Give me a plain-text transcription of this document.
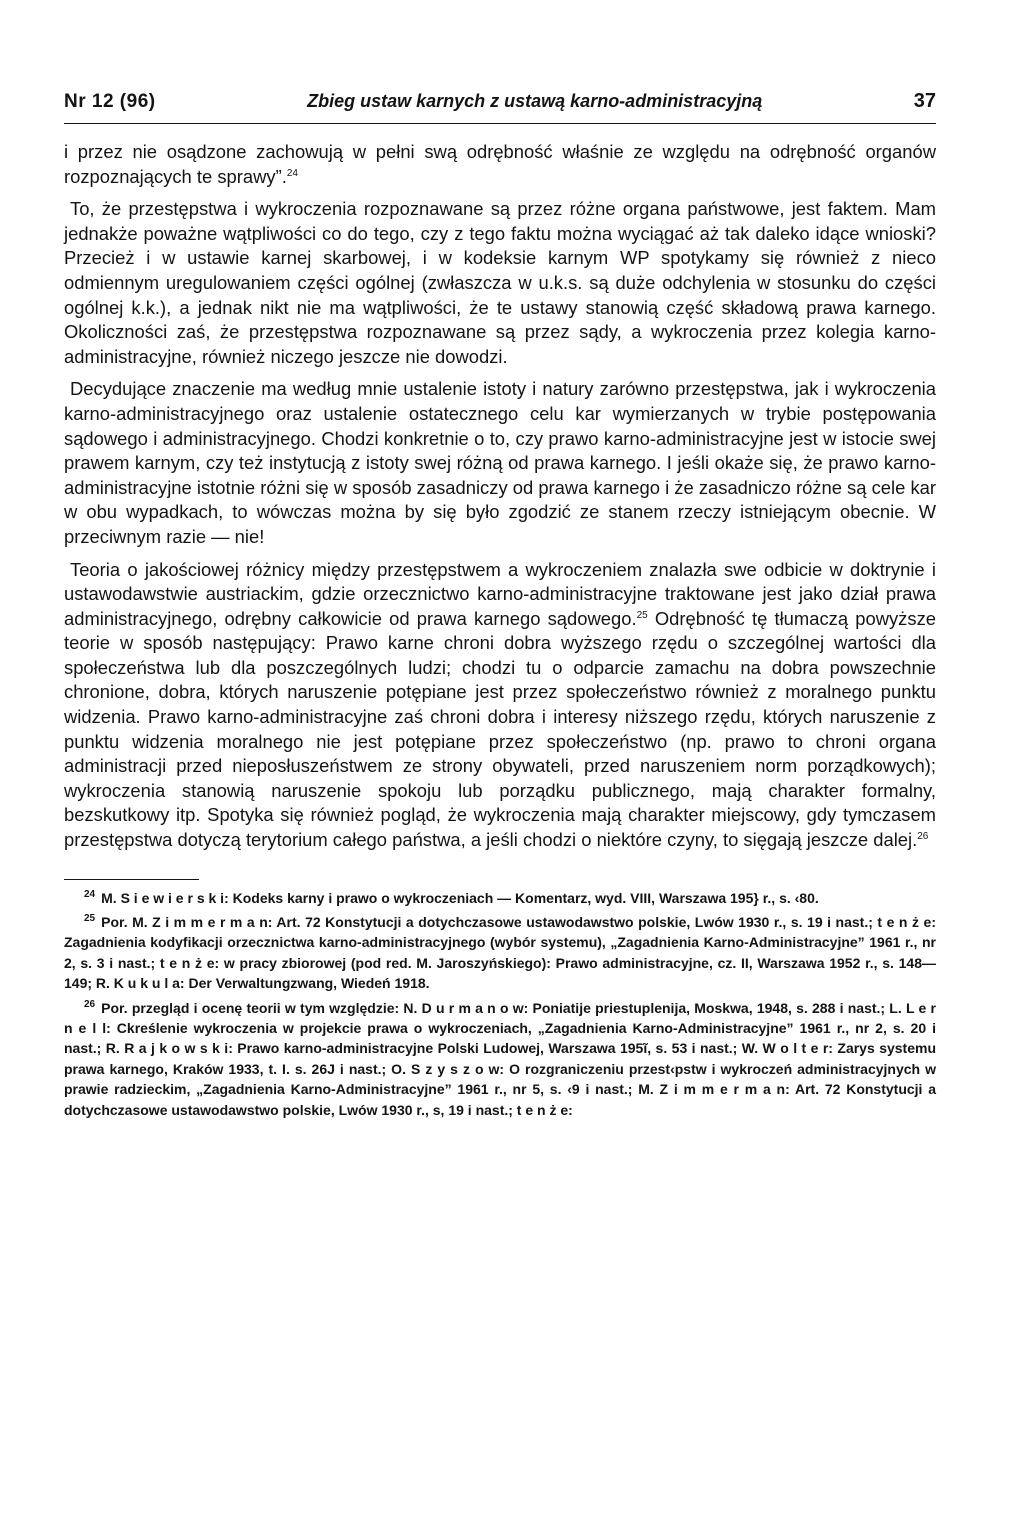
Nr 12 (96)	Zbieg ustaw karnych z ustawą karno-administracyjną	37

i przez nie osądzone zachowują w pełni swą odrębność właśnie ze względu na odrębność organów rozpoznających te sprawy”.$^{24}$

To, że przestępstwa i wykroczenia rozpoznawane są przez różne organa państwowe, jest faktem. Mam jednakże poważne wątpliwości co do tego, czy z tego faktu można wyciągać aż tak daleko idące wnioski? Przecież i w ustawie karnej skarbowej, i w kodeksie karnym WP spotykamy się również z nieco odmiennym uregulowaniem części ogólnej (zwłaszcza w u.k.s. są duże odchylenia w stosunku do części ogólnej k.k.), a jednak nikt nie ma wątpliwości, że te ustawy stanowią część składową prawa karnego. Okoliczności zaś, że przestępstwa rozpoznawane są przez sądy, a wykroczenia przez kolegia karno-administracyjne, również niczego jeszcze nie dowodzi.

Decydujące znaczenie ma według mnie ustalenie istoty i natury zarówno przestępstwa, jak i wykroczenia karno-administracyjnego oraz ustalenie ostatecznego celu kar wymierzanych w trybie postępowania sądowego i administracyjnego. Chodzi konkretnie o to, czy prawo karno-administracyjne jest w istocie swej prawem karnym, czy też instytucją z istoty swej różną od prawa karnego. I jeśli okaże się, że prawo karno-administracyjne istotnie różni się w sposób zasadniczy od prawa karnego i że zasadniczo różne są cele kar w obu wypadkach, to wówczas można by się było zgodzić ze stanem rzeczy istniejącym obecnie. W przeciwnym razie — nie!

Teoria o jakościowej różnicy między przestępstwem a wykroczeniem znalazła swe odbicie w doktrynie i ustawodawstwie austriackim, gdzie orzecznictwo karno-administracyjne traktowane jest jako dział prawa administracyjnego, odrębny całkowicie od prawa karnego sądowego.$^{25}$ Odrębność tę tłumaczą powyższe teorie w sposób następujący: Prawo karne chroni dobra wyższego rzędu o szczególnej wartości dla społeczeństwa lub dla poszczególnych ludzi; chodzi tu o odparcie zamachu na dobra powszechnie chronione, dobra, których naruszenie potępiane jest przez społeczeństwo również z moralnego punktu widzenia. Prawo karno-administracyjne zaś chroni dobra i interesy niższego rzędu, których naruszenie z punktu widzenia moralnego nie jest potępiane przez społeczeństwo (np. prawo to chroni organa administracji przed nieposłuszeństwem ze strony obywateli, przed naruszeniem norm porządkowych); wykroczenia stanowią naruszenie spokoju lub porządku publicznego, mają charakter formalny, bezskutkowy itp. Spotyka się również pogląd, że wykroczenia mają charakter miejscowy, gdy tymczasem przestępstwa dotyczą terytorium całego państwa, a jeśli chodzi o niektóre czyny, to sięgają jeszcze dalej.$^{26}$

$^{24}$ M. S i e w i e r s k i: Kodeks karny i prawo o wykroczeniach — Komentarz, wyd. VIII, Warszawa 195} r., s. ‹80.

$^{25}$ Por. M. Z i m m e r m a n: Art. 72 Konstytucji a dotychczasowe ustawodawstwo polskie, Lwów 1930 r., s. 19 i nast.; t e n ż e: Zagadnienia kodyfikacji orzecznictwa karno-administracyjnego (wybór systemu), „Zagadnienia Karno-Administracyjne” 1961 r., nr 2, s. 3 i nast.; t e n ż e: w pracy zbiorowej (pod red. M. Jaroszyńskiego): Prawo administracyjne, cz. II, Warszawa 1952 r., s. 148—149; R. K u k u l a: Der Verwaltungzwang, Wiedeń 1918.

$^{26}$ Por. przegląd i ocenę teorii w tym względzie: N. D u r m a n o w: Poniatije priestuplenija, Moskwa, 1948, s. 288 i nast.; L. L e r n e l l: Ckreślenie wykroczenia w projekcie prawa o wykroczeniach, „Zagadnienia Karno-Administracyjne” 1961 r., nr 2, s. 20 i nast.; R. R a j k o w s k i: Prawo karno-administracyjne Polski Ludowej, Warszawa 195ĩ, s. 53 i nast.; W. W o l t e r: Zarys systemu prawa karnego, Kraków 1933, t. I. s. 26J i nast.; O. S z y s z o w: O rozgraniczeniu przest‹pstw i wykroczeń administracyjnych w prawie radzieckim, „Zagadnienia Karno-Administracyjne” 1961 r., nr 5, s. ‹9 i nast.; M. Z i m m e r m a n: Art. 72 Konstytucji a dotychczasowe ustawodawstwo polskie, Lwów 1930 r., s, 19 i nast.; t e n ż e:
